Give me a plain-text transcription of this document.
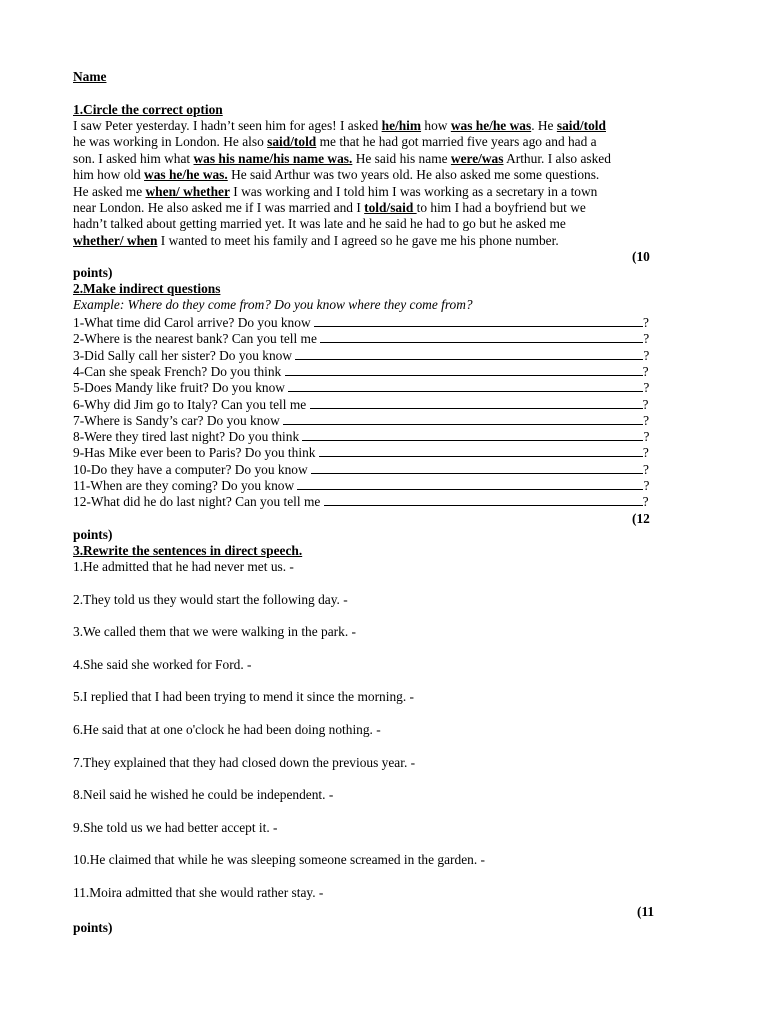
Name
1.Circle the correct option
I saw Peter yesterday. I hadn’t seen him for ages! I asked he/him how was he/he was. He said/told
he was working in London. He also said/told me that he had got married five years ago and had a
son. I asked him what was his name/his name was. He said his name were/was Arthur. I also asked
him how old was he/he was. He said Arthur was two years old. He also asked me some questions.
He asked me when/ whether I was working and I told him I was working as a secretary in a town
near London. He also asked me if I was married and I told/said to him I had a boyfriend but we
hadn’t talked about getting married yet. It was late and he said he had to go but he asked me
whether/ when I wanted to meet his family and I agreed so he gave me his phone number.
(10
points)
2.Make indirect questions
Example: Where do they come from? Do you know where they come from?
1-What time did Carol arrive? Do you know	?
2-Where is the nearest bank? Can you tell me	?
3-Did Sally call her sister? Do you know	?
4-Can she speak French? Do you think	?
5-Does Mandy like fruit? Do you know	?
6-Why did Jim go to Italy? Can you tell me	?
7-Where is Sandy’s car? Do you know	?
8-Were they tired last night? Do you think	?
9-Has Mike ever been to Paris? Do you think	?
10-Do they have a computer? Do you know	?
11-When are they coming? Do you know	?
12-What did he do last night? Can you tell me	?
(12
points)
3.Rewrite the sentences in direct speech.
1.He admitted that he had never met us. -
2.They told us they would start the following day. -
3.We called them that we were walking in the park. -
4.She said she worked for Ford. -
5.I replied that I had been trying to mend it since the morning. -
6.He said that at one o'clock he had been doing nothing. -
7.They explained that they had closed down the previous year. -
8.Neil said he wished he could be independent. -
9.She told us we had better accept it. -
10.He claimed that while he was sleeping someone screamed in the garden. -
11.Moira admitted that she would rather stay. -
(11
points)
